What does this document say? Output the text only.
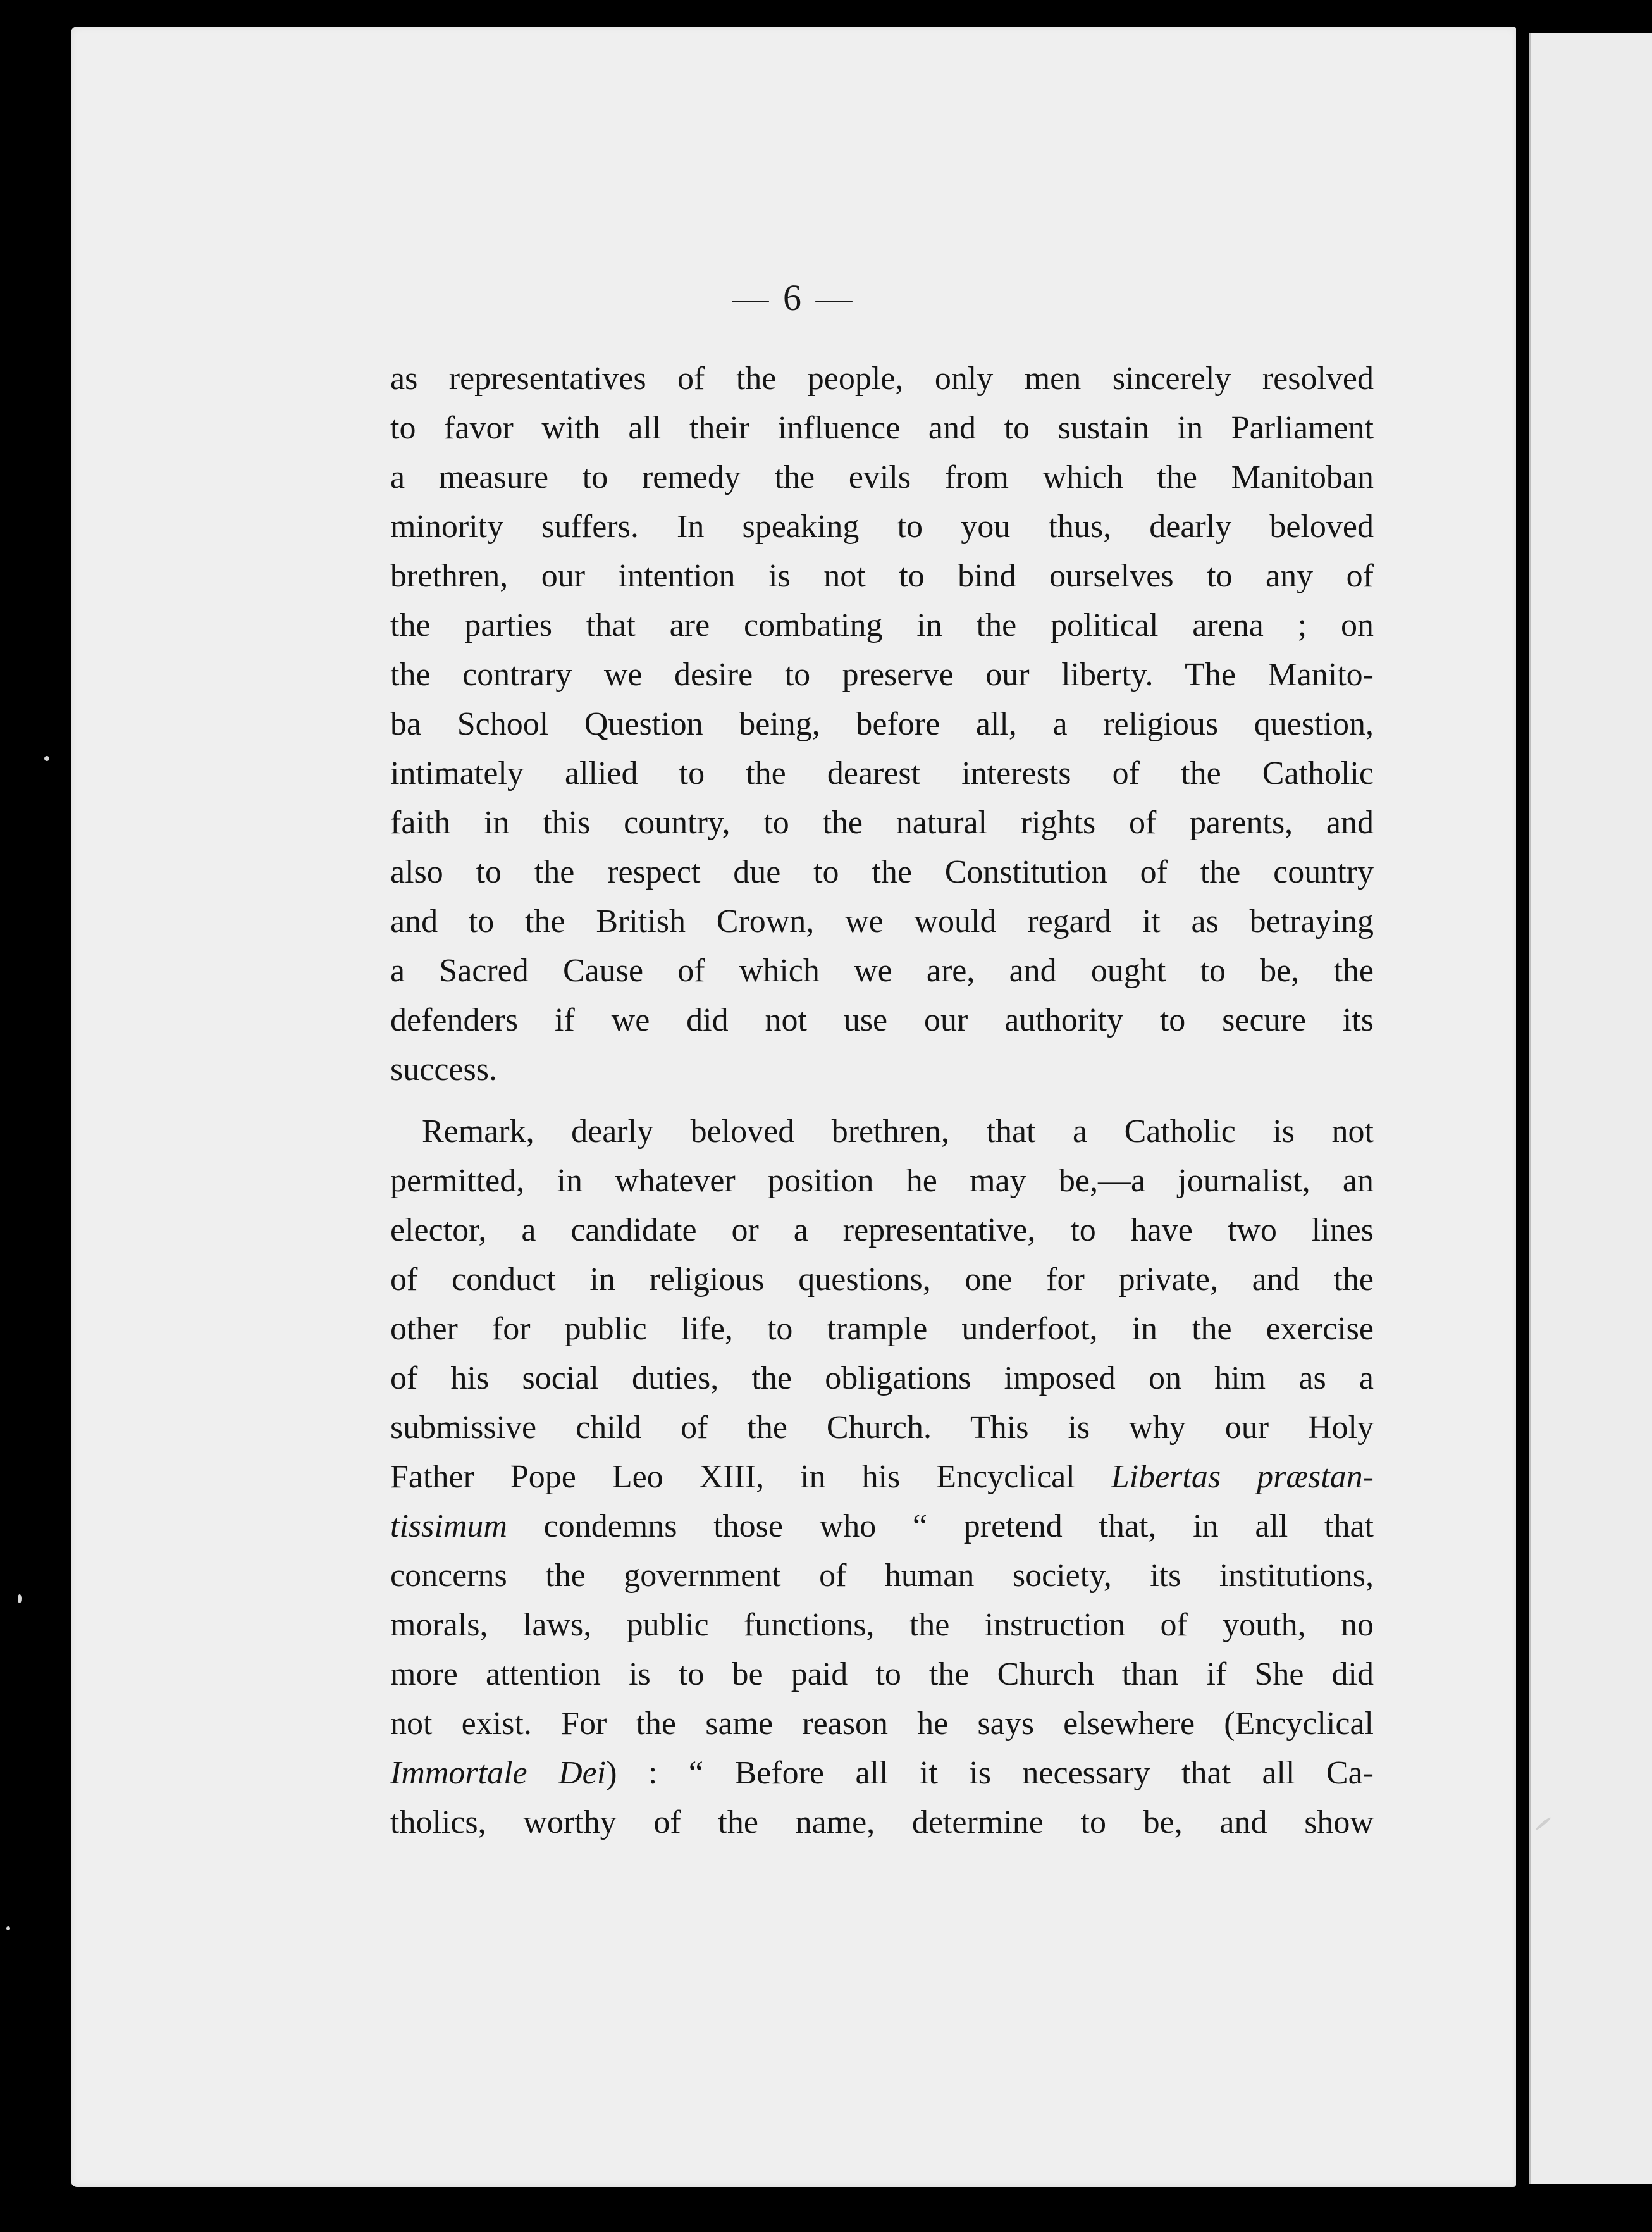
— 6 —
as representatives of the people, only men sincerely resolved
to favor with all their influence and to sustain in Parliament
a measure to remedy the evils from which the Manitoban
minority suffers. In speaking to you thus, dearly beloved
brethren, our intention is not to bind ourselves to any of
the parties that are combating in the political arena ; on
the contrary we desire to preserve our liberty. The Manito-
ba School Question being, before all, a religious question,
intimately allied to the dearest interests of the Catholic
faith in this country, to the natural rights of parents, and
also to the respect due to the Constitution of the country
and to the British Crown, we would regard it as betraying
a Sacred Cause of which we are, and ought to be, the
defenders if we did not use our authority to secure its
success.
Remark, dearly beloved brethren, that a Catholic is not
permitted, in whatever position he may be,—a journalist, an
elector, a candidate or a representative, to have two lines
of conduct in religious questions, one for private, and the
other for public life, to trample underfoot, in the exercise
of his social duties, the obligations imposed on him as a
submissive child of the Church. This is why our Holy
Father Pope Leo XIII, in his Encyclical Libertas præstan-
tissimum condemns those who “ pretend that, in all that
concerns the government of human society, its institutions,
morals, laws, public functions, the instruction of youth, no
more attention is to be paid to the Church than if She did
not exist. For the same reason he says elsewhere (Encyclical
Immortale Dei) : “ Before all it is necessary that all Ca-
tholics, worthy of the name, determine to be, and show
